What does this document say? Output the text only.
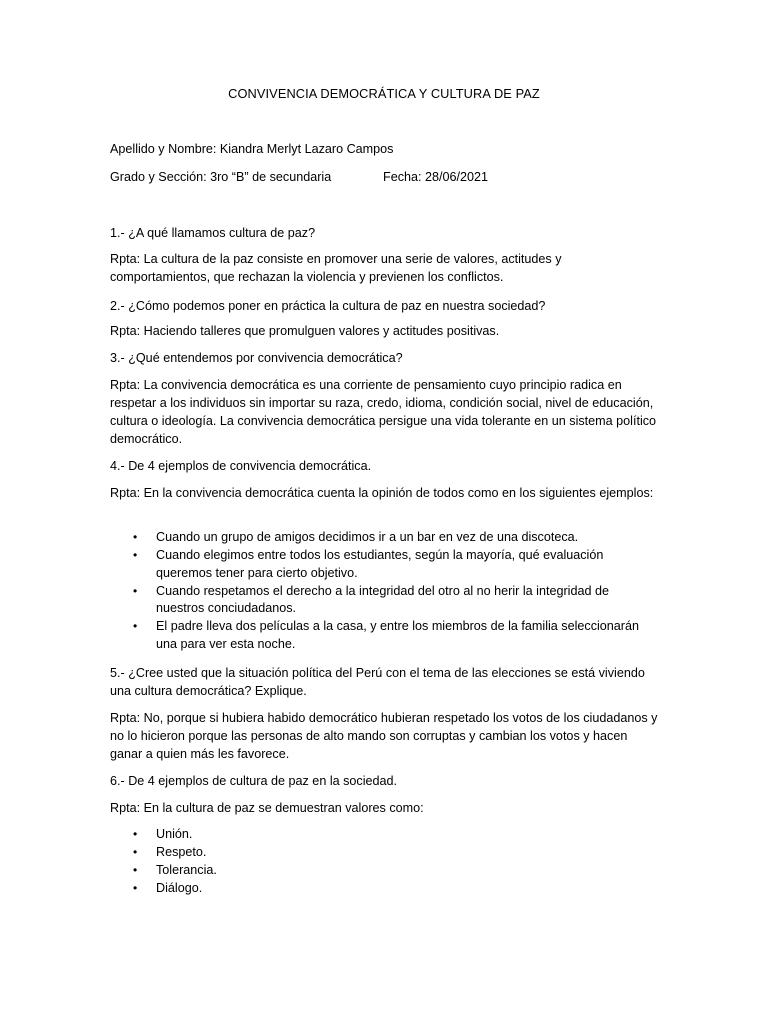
CONVIVENCIA DEMOCRÁTICA Y CULTURA DE PAZ
Apellido y Nombre: Kiandra Merlyt Lazaro Campos
Grado y Sección: 3ro “B” de secundaria	Fecha: 28/06/2021
1.- ¿A qué llamamos cultura de paz?

Rpta: La cultura de la paz consiste en promover una serie de valores, actitudes y comportamientos, que rechazan la violencia y previenen los conflictos.

2.- ¿Cómo podemos poner en práctica la cultura de paz en nuestra sociedad?
Rpta: Haciendo talleres que promulguen valores y actitudes positivas.
3.- ¿Qué entendemos por convivencia democrática?

Rpta: La convivencia democrática es una corriente de pensamiento cuyo principio radica en respetar a los individuos sin importar su raza, credo, idioma, condición social, nivel de educación, cultura o ideología. La convivencia democrática persigue una vida tolerante en un sistema político democrático.

4.- De 4 ejemplos de convivencia democrática.

Rpta: En la convivencia democrática cuenta la opinión de todos como en los siguientes ejemplos:

• Cuando un grupo de amigos decidimos ir a un bar en vez de una discoteca.
• Cuando elegimos entre todos los estudiantes, según la mayoría, qué evaluación queremos tener para cierto objetivo.
• Cuando respetamos el derecho a la integridad del otro al no herir la integridad de nuestros conciudadanos.
• El padre lleva dos películas a la casa, y entre los miembros de la familia seleccionarán una para ver esta noche.

5.- ¿Cree usted que la situación política del Perú con el tema de las elecciones se está viviendo una cultura democrática? Explique.

Rpta: No, porque si hubiera habido democrático hubieran respetado los votos de los ciudadanos y no lo hicieron porque las personas de alto mando son corruptas y cambian los votos y hacen ganar a quien más les favorece.

6.- De 4 ejemplos de cultura de paz en la sociedad.
Rpta: En la cultura de paz se demuestran valores como:
• Unión.
• Respeto.
• Tolerancia.
• Diálogo.
